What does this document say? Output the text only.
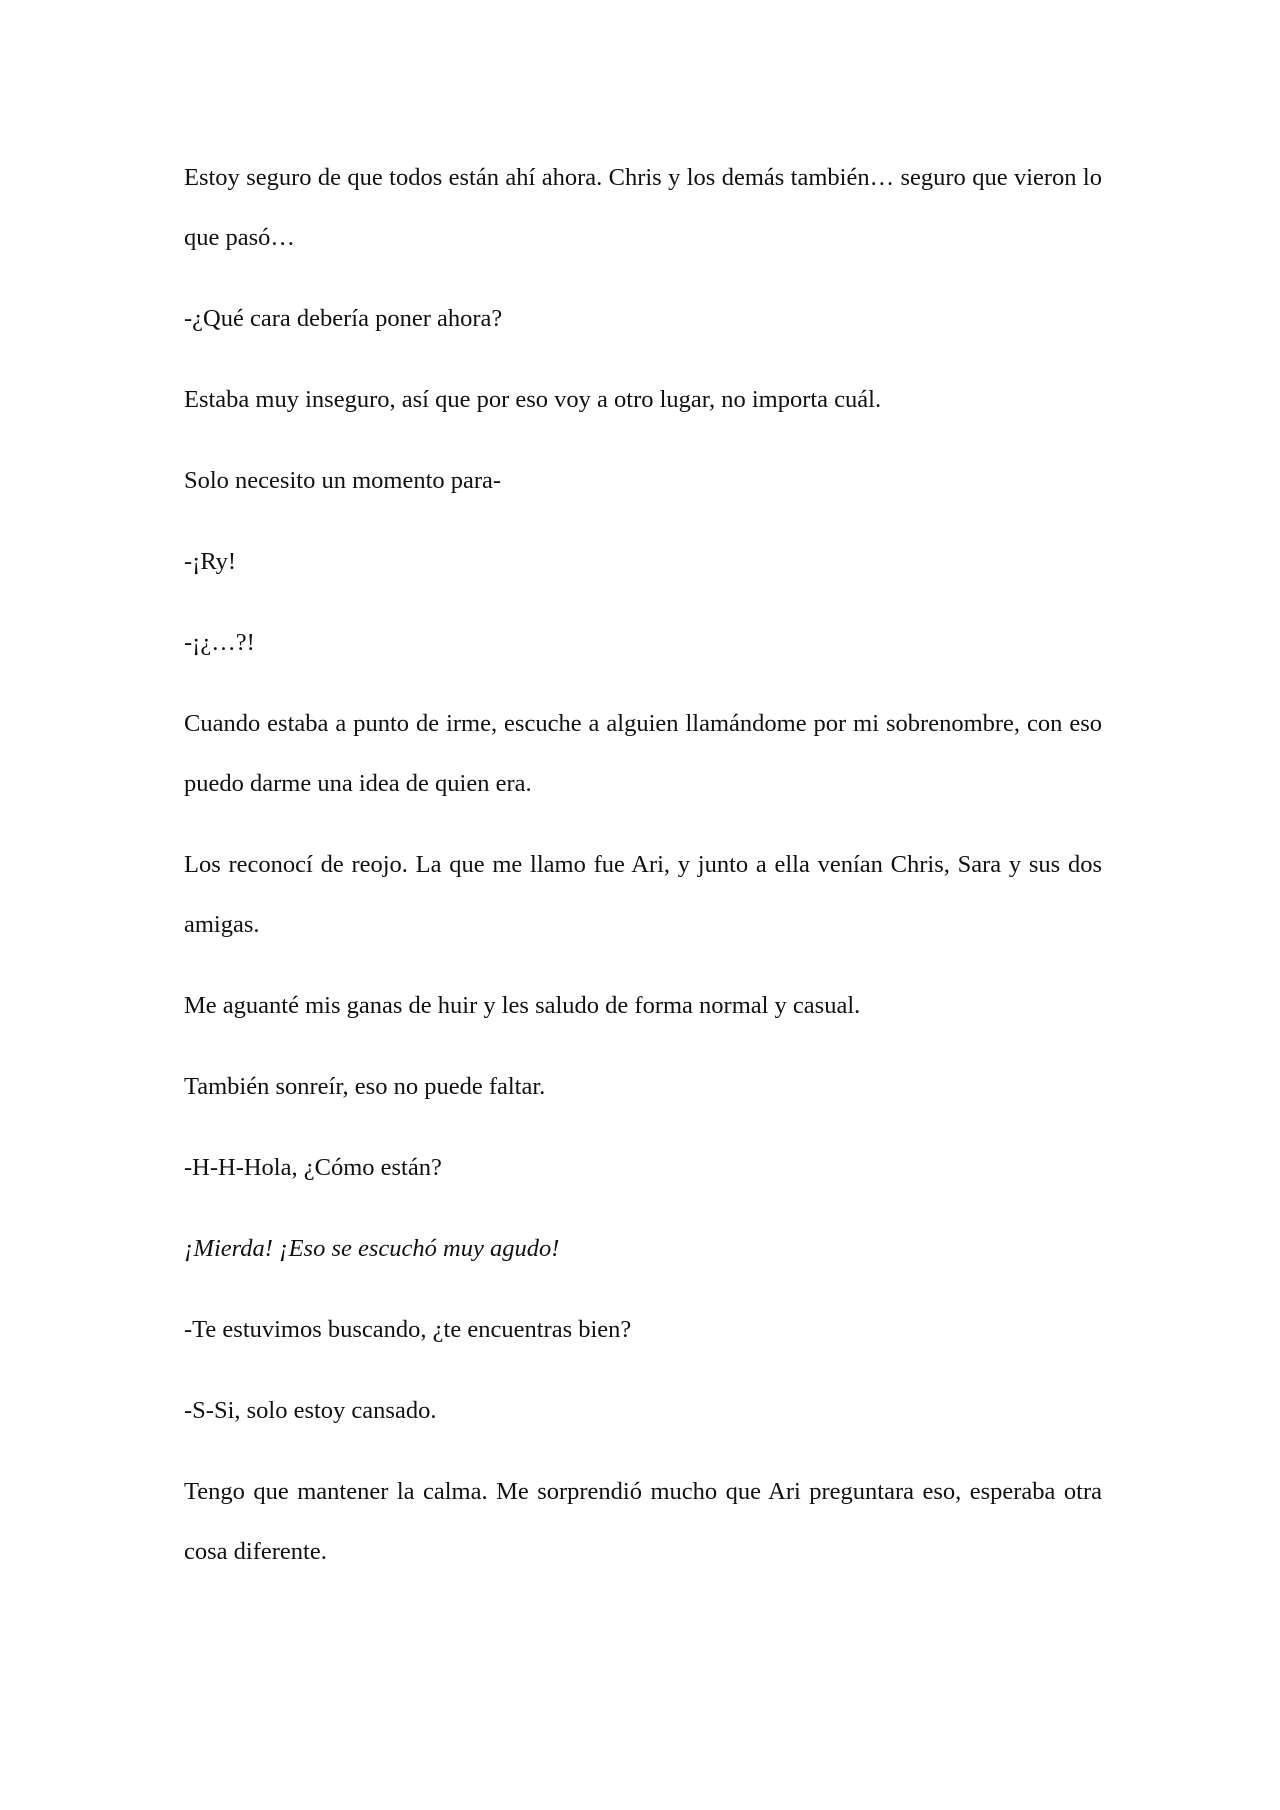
Estoy seguro de que todos están ahí ahora. Chris y los demás también… seguro que vieron lo que pasó…

-¿Qué cara debería poner ahora?

Estaba muy inseguro, así que por eso voy a otro lugar, no importa cuál.

Solo necesito un momento para-

-¡Ry!

-¡¿…?!

Cuando estaba a punto de irme, escuche a alguien llamándome por mi sobrenombre, con eso puedo darme una idea de quien era.

Los reconocí de reojo. La que me llamo fue Ari, y junto a ella venían Chris, Sara y sus dos amigas.

Me aguanté mis ganas de huir y les saludo de forma normal y casual.

También sonreír, eso no puede faltar.

-H-H-Hola, ¿Cómo están?

¡Mierda! ¡Eso se escuchó muy agudo!

-Te estuvimos buscando, ¿te encuentras bien?

-S-Si, solo estoy cansado.

Tengo que mantener la calma. Me sorprendió mucho que Ari preguntara eso, esperaba otra cosa diferente.
